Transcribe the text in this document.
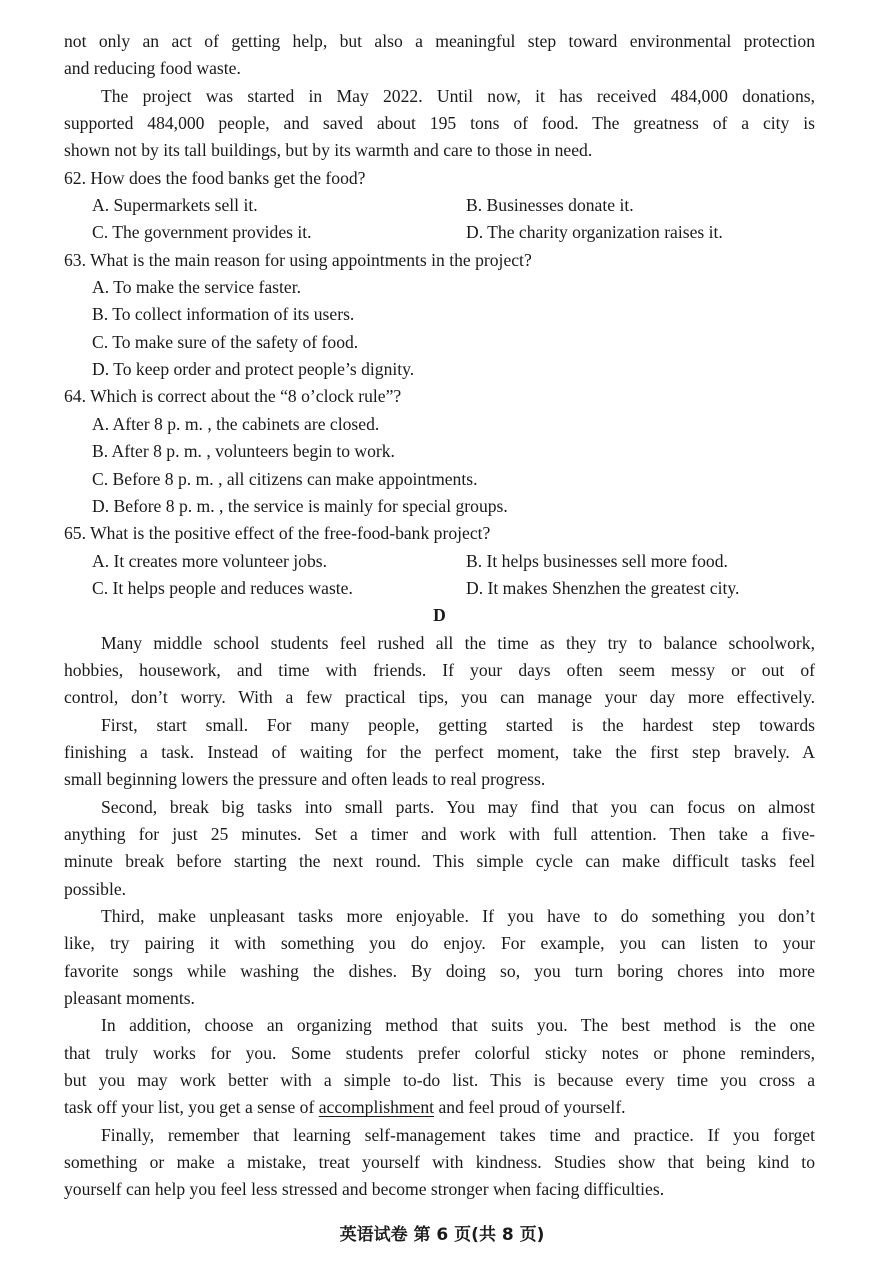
not only an act of getting help, but also a meaningful step toward environmental protection
and reducing food waste.
The project was started in May 2022. Until now, it has received 484,000 donations,
supported 484,000 people, and saved about 195 tons of food. The greatness of a city is
shown not by its tall buildings, but by its warmth and care to those in need.
62. How does the food banks get the food?
A. Supermarkets sell it.	B. Businesses donate it.
C. The government provides it.	D. The charity organization raises it.
63. What is the main reason for using appointments in the project?
A. To make the service faster.
B. To collect information of its users.
C. To make sure of the safety of food.
D. To keep order and protect people’s dignity.
64. Which is correct about the “8 o’clock rule”?
A. After 8 p. m. , the cabinets are closed.
B. After 8 p. m. , volunteers begin to work.
C. Before 8 p. m. , all citizens can make appointments.
D. Before 8 p. m. , the service is mainly for special groups.
65. What is the positive effect of the free-food-bank project?
A. It creates more volunteer jobs.	B. It helps businesses sell more food.
C. It helps people and reduces waste.	D. It makes Shenzhen the greatest city.
D
Many middle school students feel rushed all the time as they try to balance schoolwork,
hobbies, housework, and time with friends. If your days often seem messy or out of
control, don’t worry. With a few practical tips, you can manage your day more effectively.
First, start small. For many people, getting started is the hardest step towards
finishing a task. Instead of waiting for the perfect moment, take the first step bravely. A
small beginning lowers the pressure and often leads to real progress.
Second, break big tasks into small parts. You may find that you can focus on almost
anything for just 25 minutes. Set a timer and work with full attention. Then take a five-
minute break before starting the next round. This simple cycle can make difficult tasks feel
possible.
Third, make unpleasant tasks more enjoyable. If you have to do something you don’t
like, try pairing it with something you do enjoy. For example, you can listen to your
favorite songs while washing the dishes. By doing so, you turn boring chores into more
pleasant moments.
In addition, choose an organizing method that suits you. The best method is the one
that truly works for you. Some students prefer colorful sticky notes or phone reminders,
but you may work better with a simple to-do list. This is because every time you cross a
task off your list, you get a sense of accomplishment and feel proud of yourself.
Finally, remember that learning self-management takes time and practice. If you forget
something or make a mistake, treat yourself with kindness. Studies show that being kind to
yourself can help you feel less stressed and become stronger when facing difficulties.
英语试卷 第 6 页(共 8 页)
